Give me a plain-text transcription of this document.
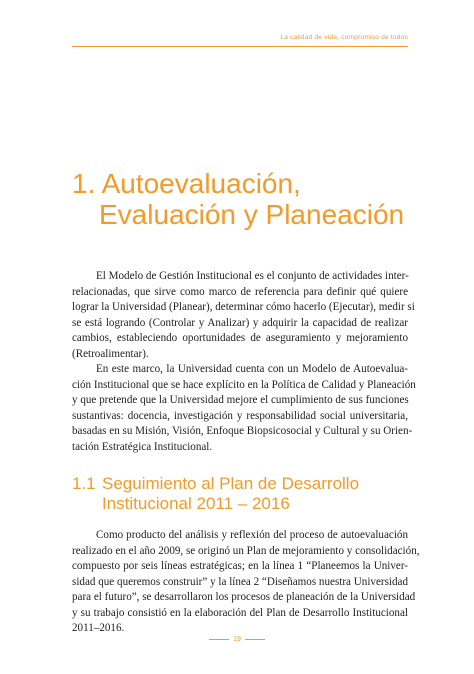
La calidad de vida, compromiso de todos
1. Autoevaluación,
Evaluación y Planeación
El Modelo de Gestión Institucional es el conjunto de actividades inter-
relacionadas, que sirve como marco de referencia para definir qué quiere
lograr la Universidad (Planear), determinar cómo hacerlo (Ejecutar), medir si
se está logrando (Controlar y Analizar) y adquirir la capacidad de realizar
cambios, estableciendo oportunidades de aseguramiento y mejoramiento
(Retroalimentar).
En este marco, la Universidad cuenta con un Modelo de Autoevalua-
ción Institucional que se hace explícito en la Política de Calidad y Planeación
y que pretende que la Universidad mejore el cumplimiento de sus funciones
sustantivas: docencia, investigación y responsabilidad social universitaria,
basadas en su Misión, Visión, Enfoque Biopsicosocial y Cultural y su Orien-
tación Estratégica Institucional.
1.1 Seguimiento al Plan de Desarrollo
Institucional 2011 – 2016
Como producto del análisis y reflexión del proceso de autoevaluación
realizado en el año 2009, se originó un Plan de mejoramiento y consolidación,
compuesto por seis líneas estratégicas; en la línea 1 “Planeemos la Univer-
sidad que queremos construir” y la línea 2 “Diseñamos nuestra Universidad
para el futuro”, se desarrollaron los procesos de planeación de la Universidad
y su trabajo consistió en la elaboración del Plan de Desarrollo Institucional
2011–2016.
19
